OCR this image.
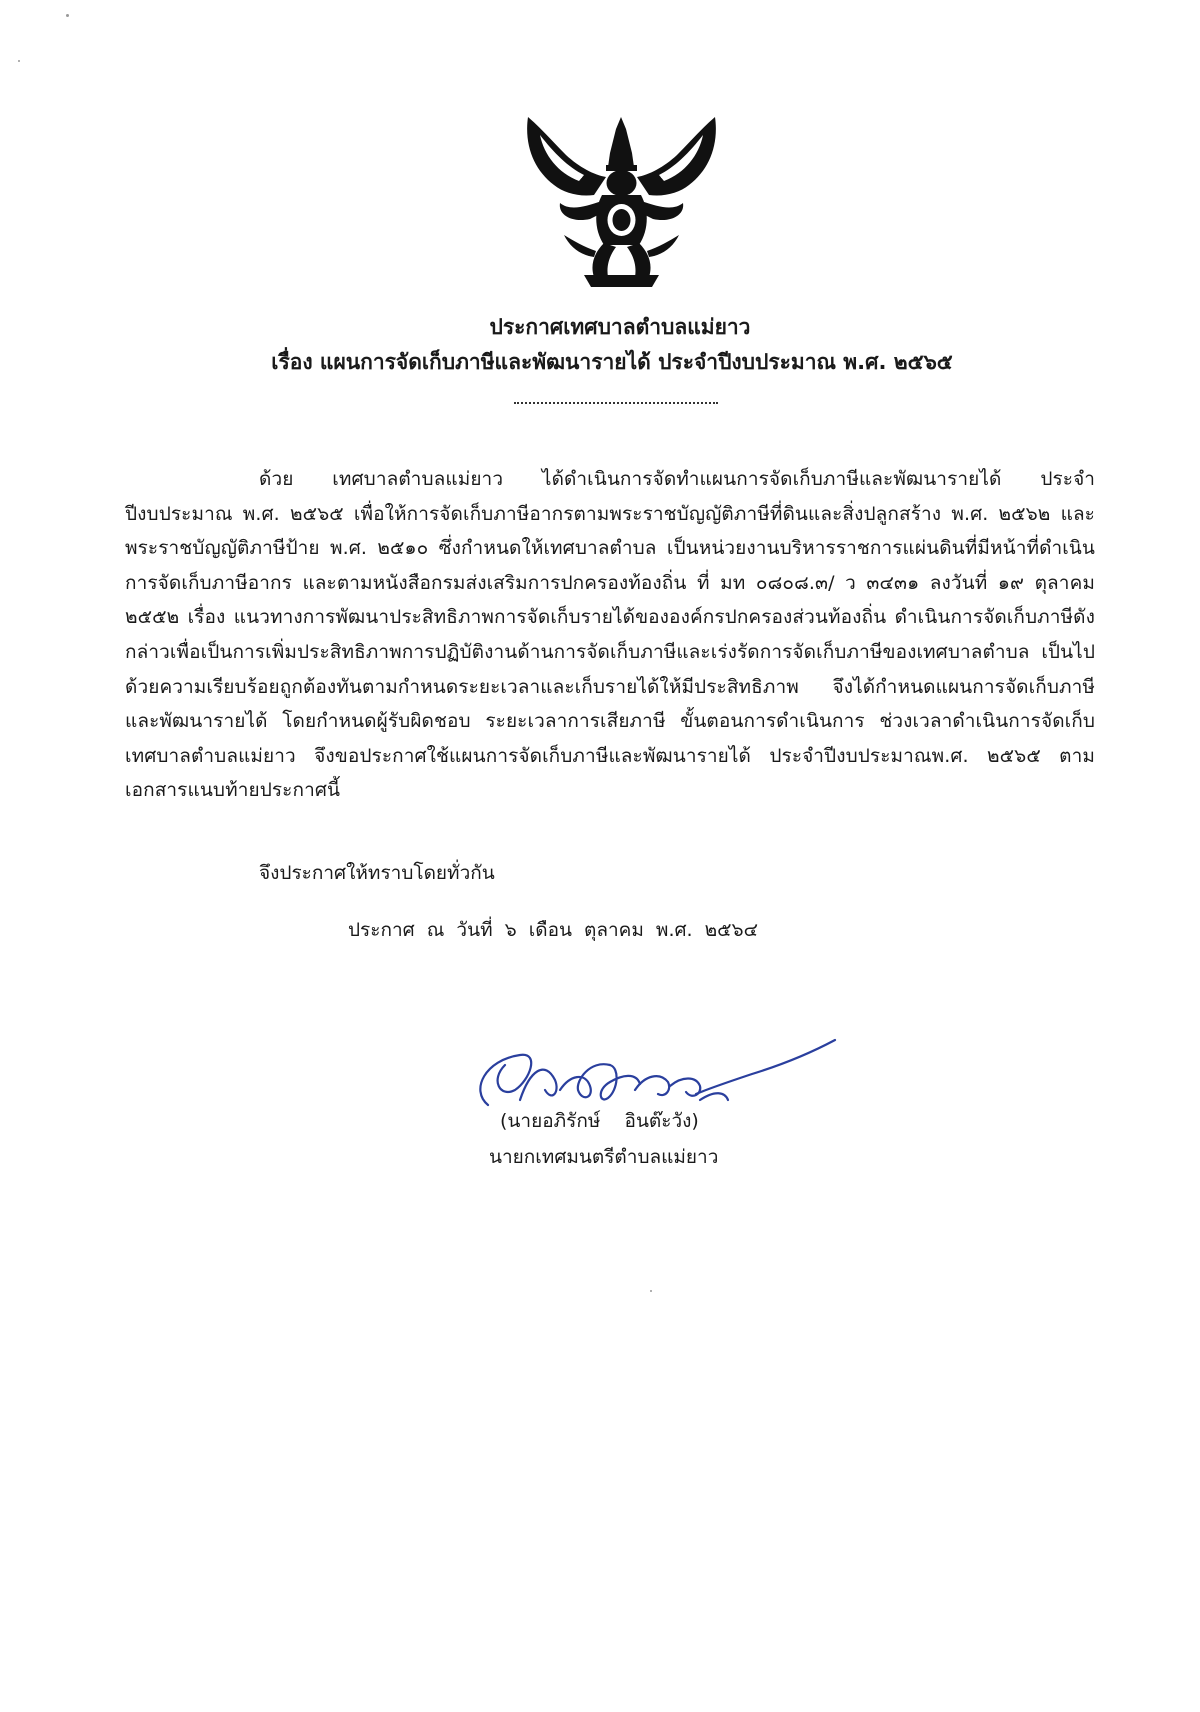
ประกาศเทศบาลตำบลแม่ยาว
เรื่อง แผนการจัดเก็บภาษีและพัฒนารายได้ ประจำปีงบประมาณ พ.ศ. ๒๕๖๕
ด้วย เทศบาลตำบลแม่ยาว ได้ดำเนินการจัดทำแผนการจัดเก็บภาษีและพัฒนารายได้ ประจำปีงบประมาณ พ.ศ. ๒๕๖๕ เพื่อให้การจัดเก็บภาษีอากรตามพระราชบัญญัติภาษีที่ดินและสิ่งปลูกสร้าง พ.ศ. ๒๕๖๒ และพระราชบัญญัติภาษีป้าย พ.ศ. ๒๕๑๐ ซึ่งกำหนดให้เทศบาลตำบล เป็นหน่วยงานบริหารราชการแผ่นดินที่มีหน้าที่ดำเนินการจัดเก็บภาษีอากร และตามหนังสือกรมส่งเสริมการปกครองท้องถิ่น ที่ มท ๐๘๐๘.๓/ ว ๓๔๓๑ ลงวันที่ ๑๙ ตุลาคม ๒๕๕๒ เรื่อง แนวทางการพัฒนาประสิทธิภาพการจัดเก็บรายได้ขององค์กรปกครองส่วนท้องถิ่น ดำเนินการจัดเก็บภาษีดังกล่าวเพื่อเป็นการเพิ่มประสิทธิภาพการปฏิบัติงานด้านการจัดเก็บภาษีและเร่งรัดการจัดเก็บภาษีของเทศบาลตำบล เป็นไปด้วยความเรียบร้อยถูกต้องทันตามกำหนดระยะเวลาและเก็บรายได้ให้มีประสิทธิภาพ จึงได้กำหนดแผนการจัดเก็บภาษีและพัฒนารายได้ โดยกำหนดผู้รับผิดชอบ ระยะเวลาการเสียภาษี ขั้นตอนการดำเนินการ ช่วงเวลาดำเนินการจัดเก็บ เทศบาลตำบลแม่ยาว จึงขอประกาศใช้แผนการจัดเก็บภาษีและพัฒนารายได้ ประจำปีงบประมาณพ.ศ. ๒๕๖๕ ตามเอกสารแนบท้ายประกาศนี้
จึงประกาศให้ทราบโดยทั่วกัน
ประกาศ ณ วันที่ ๖ เดือน ตุลาคม พ.ศ. ๒๕๖๔
(นายอภิรักษ์    อินต๊ะวัง)
นายกเทศมนตรีตำบลแม่ยาว
